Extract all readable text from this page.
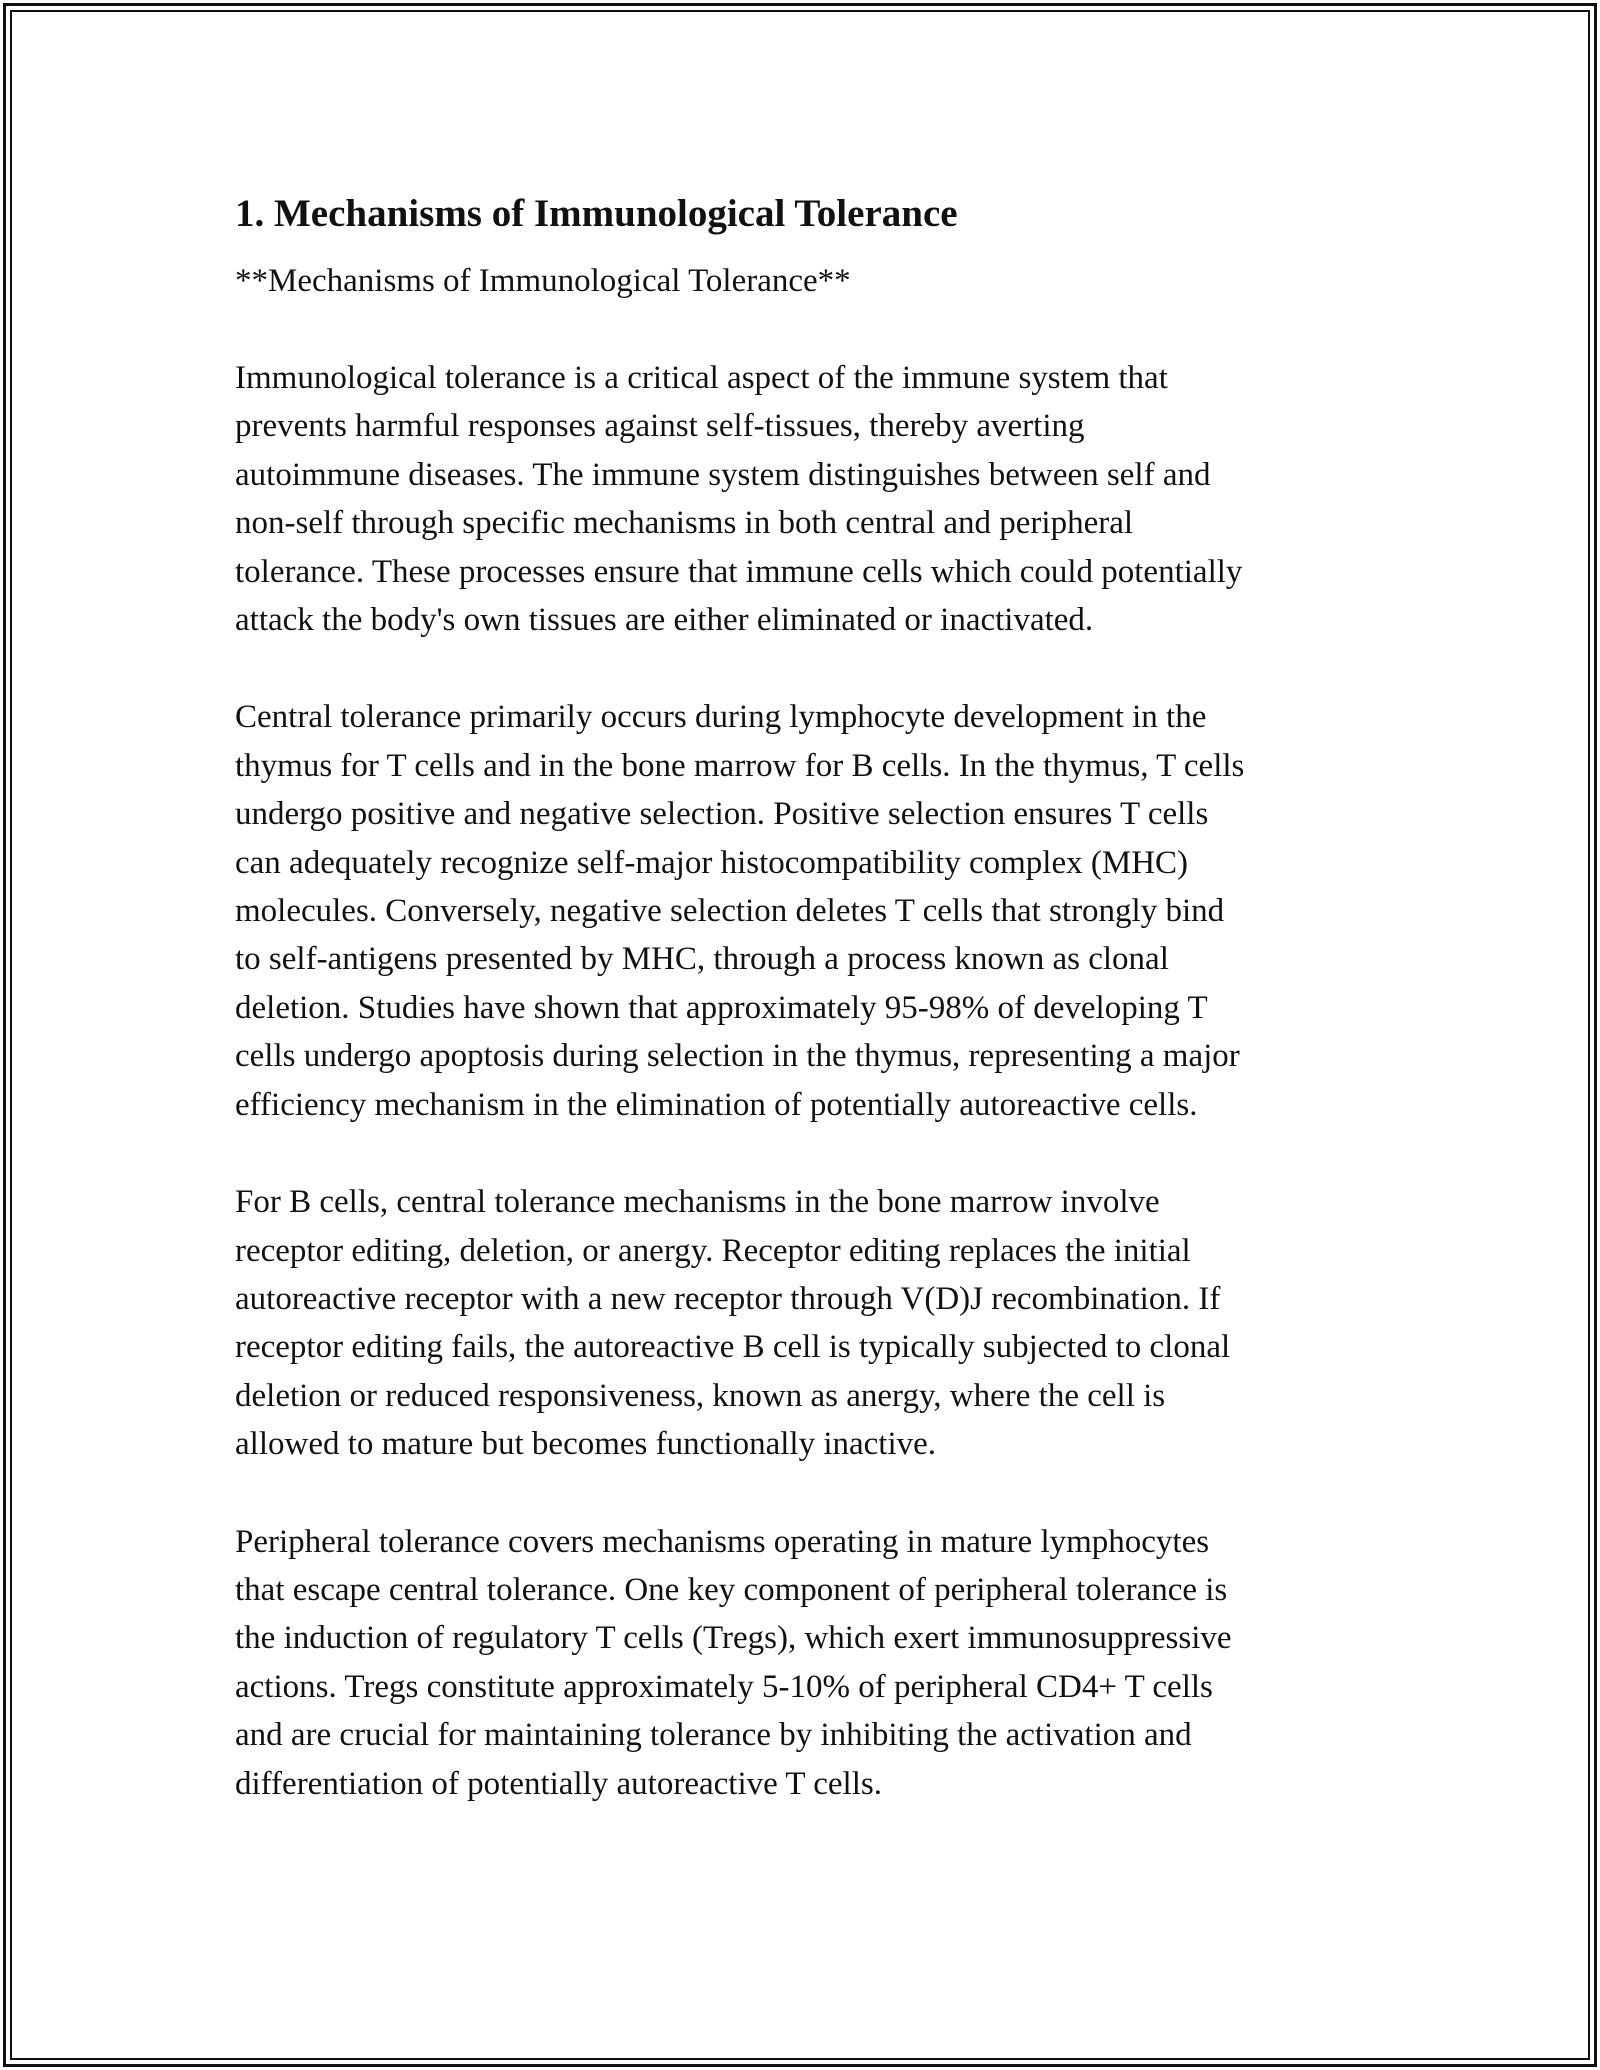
1. Mechanisms of Immunological Tolerance
**Mechanisms of Immunological Tolerance**
Immunological tolerance is a critical aspect of the immune system that
prevents harmful responses against self-tissues, thereby averting
autoimmune diseases. The immune system distinguishes between self and
non-self through specific mechanisms in both central and peripheral
tolerance. These processes ensure that immune cells which could potentially
attack the body's own tissues are either eliminated or inactivated.
Central tolerance primarily occurs during lymphocyte development in the
thymus for T cells and in the bone marrow for B cells. In the thymus, T cells
undergo positive and negative selection. Positive selection ensures T cells
can adequately recognize self-major histocompatibility complex (MHC)
molecules. Conversely, negative selection deletes T cells that strongly bind
to self-antigens presented by MHC, through a process known as clonal
deletion. Studies have shown that approximately 95-98% of developing T
cells undergo apoptosis during selection in the thymus, representing a major
efficiency mechanism in the elimination of potentially autoreactive cells.
For B cells, central tolerance mechanisms in the bone marrow involve
receptor editing, deletion, or anergy. Receptor editing replaces the initial
autoreactive receptor with a new receptor through V(D)J recombination. If
receptor editing fails, the autoreactive B cell is typically subjected to clonal
deletion or reduced responsiveness, known as anergy, where the cell is
allowed to mature but becomes functionally inactive.
Peripheral tolerance covers mechanisms operating in mature lymphocytes
that escape central tolerance. One key component of peripheral tolerance is
the induction of regulatory T cells (Tregs), which exert immunosuppressive
actions. Tregs constitute approximately 5-10% of peripheral CD4+ T cells
and are crucial for maintaining tolerance by inhibiting the activation and
differentiation of potentially autoreactive T cells.
